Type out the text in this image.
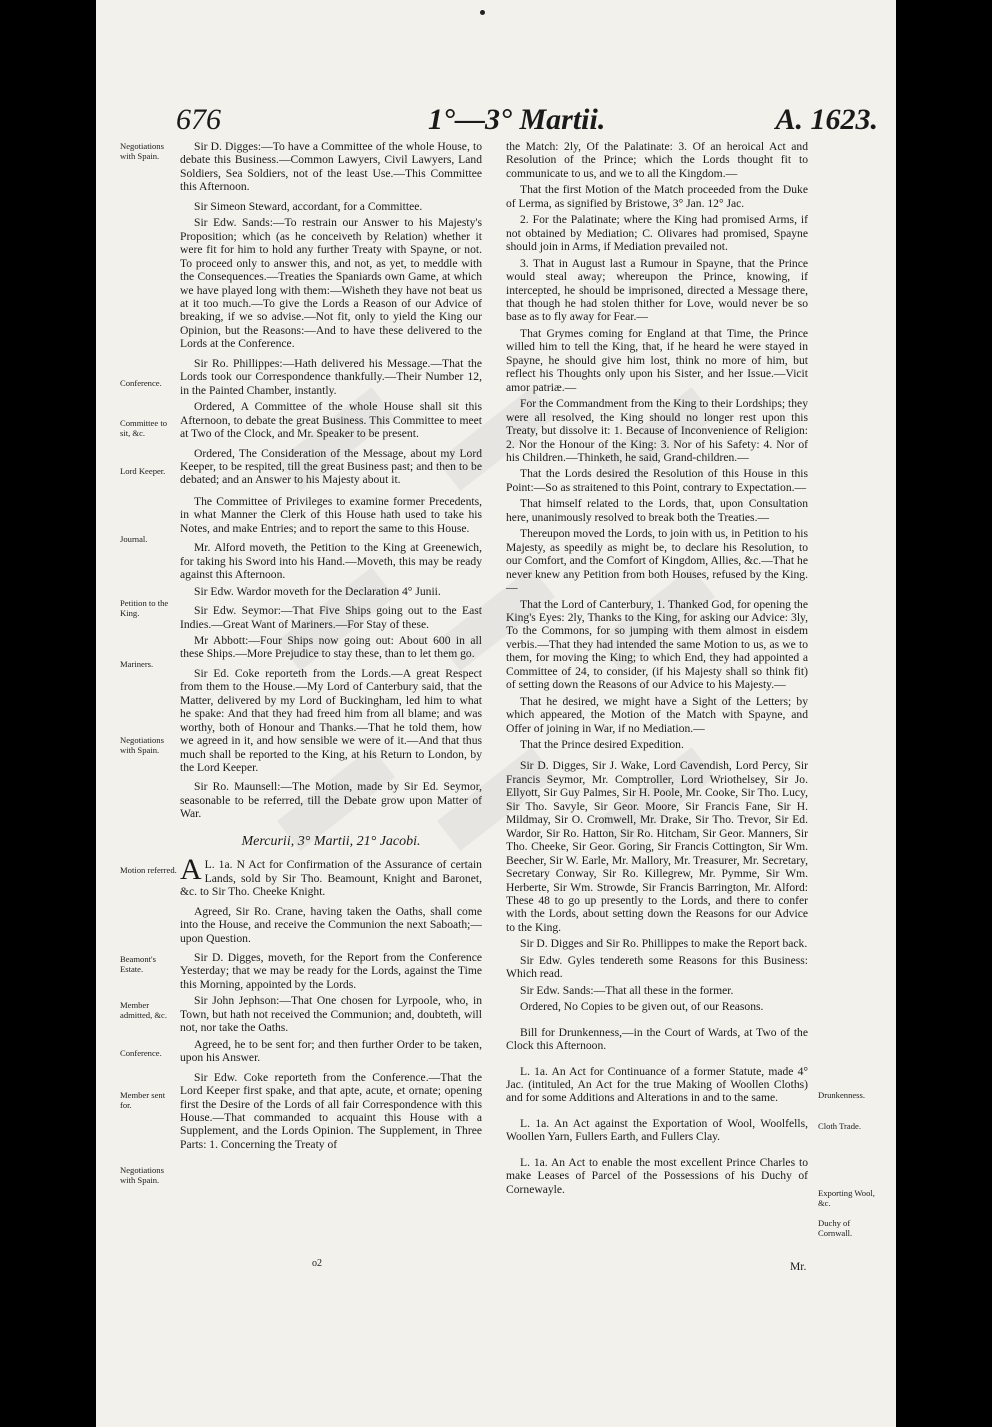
676	1°—3° Martii.	A. 1623.
Negotiations with Spain.
Conference.
Committee to sit, &c.
Lord Keeper.
Journal.
Petition to the King.
Mariners.
Negotiations with Spain.
Motion referred.
Beamont's Estate.
Member admitted, &c.
Conference.
Member sent for.
Negotiations with Spain.
Drunkenness.
Cloth Trade.
Exporting Wool, &c.
Duchy of Cornwall.

Sir D. Digges:—To have a Committee of the whole House, to debate this Business.—Common Lawyers, Civil Lawyers, Land Soldiers, Sea Soldiers, not of the least Use.—This Committee this Afternoon.

Sir Simeon Steward, accordant, for a Committee.

Sir Edw. Sands:—To restrain our Answer to his Majesty's Proposition; which (as he conceiveth by Relation) whether it were fit for him to hold any further Treaty with Spayne, or not. To proceed only to answer this, and not, as yet, to meddle with the Consequences.—Treaties the Spaniards own Game, at which we have played long with them:—Wisheth they have not beat us at it too much.—To give the Lords a Reason of our Advice of breaking, if we so advise.—Not fit, only to yield the King our Opinion, but the Reasons:—And to have these delivered to the Lords at the Conference.

Sir Ro. Phillippes:—Hath delivered his Message.—That the Lords took our Correspondence thankfully.—Their Number 12, in the Painted Chamber, instantly.

Ordered, A Committee of the whole House shall sit this Afternoon, to debate the great Business. This Committee to meet at Two of the Clock, and Mr. Speaker to be present.

Ordered, The Consideration of the Message, about my Lord Keeper, to be respited, till the great Business past; and then to be debated; and an Answer to his Majesty about it.

The Committee of Privileges to examine former Precedents, in what Manner the Clerk of this House hath used to take his Notes, and make Entries; and to report the same to this House.

Mr. Alford moveth, the Petition to the King at Greenewich, for taking his Sword into his Hand.—Moveth, this may be ready against this Afternoon.

Sir Edw. Wardor moveth for the Declaration 4° Junii.

Sir Edw. Seymor:—That Five Ships going out to the East Indies.—Great Want of Mariners.—For Stay of these.

Mr Abbott:—Four Ships now going out: About 600 in all these Ships.—More Prejudice to stay these, than to let them go.

Sir Ed. Coke reporteth from the Lords.—A great Respect from them to the House.—My Lord of Canterbury said, that the Matter, delivered by my Lord of Buckingham, led him to what he spake: And that they had freed him from all blame; and was worthy, both of Honour and Thanks.—That he told them, how we agreed in it, and how sensible we were of it.—And that thus much shall be reported to the King, at his Return to London, by the Lord Keeper.

Sir Ro. Maunsell:—The Motion, made by Sir Ed. Seymor, seasonable to be referred, till the Debate grow upon Matter of War.

Mercurii, 3° Martii, 21° Jacobi.

L. 1a.
A	N Act for Confirmation of the Assurance of certain Lands, sold by Sir Tho. Beamount, Knight and Baronet, &c. to Sir Tho. Cheeke Knight.

Agreed, Sir Ro. Crane, having taken the Oaths, shall come into the House, and receive the Communion the next Saboath;—upon Question.

Sir D. Digges, moveth, for the Report from the Conference Yesterday; that we may be ready for the Lords, against the Time this Morning, appointed by the Lords.

Sir John Jephson:—That One chosen for Lyrpoole, who, in Town, but hath not received the Communion; and, doubteth, will not, nor take the Oaths.

Agreed, he to be sent for; and then further Order to be taken, upon his Answer.

Sir Edw. Coke reporteth from the Conference.—That the Lord Keeper first spake, and that apte, acute, et ornate; opening first the Desire of the Lords of all fair Correspondence with this House.—That commanded to acquaint this House with a Supplement, and the Lords Opinion. The Supplement, in Three Parts: 1. Concerning the Treaty of

the Match: 2ly, Of the Palatinate: 3. Of an heroical Act and Resolution of the Prince; which the Lords thought fit to communicate to us, and we to all the Kingdom.—

That the first Motion of the Match proceeded from the Duke of Lerma, as signified by Bristowe, 3° Jan. 12° Jac.

2. For the Palatinate; where the King had promised Arms, if not obtained by Mediation; C. Olivares had promised, Spayne should join in Arms, if Mediation prevailed not.

3. That in August last a Rumour in Spayne, that the Prince would steal away; whereupon the Prince, knowing, if intercepted, he should be imprisoned, directed a Message there, that though he had stolen thither for Love, would never be so base as to fly away for Fear.—

That Grymes coming for England at that Time, the Prince willed him to tell the King, that, if he heard he were stayed in Spayne, he should give him lost, think no more of him, but reflect his Thoughts only upon his Sister, and her Issue.—Vicit amor patriæ.—

For the Commandment from the King to their Lordships; they were all resolved, the King should no longer rest upon this Treaty, but dissolve it: 1. Because of Inconvenience of Religion: 2. Nor the Honour of the King: 3. Nor of his Safety: 4. Nor of his Children.—Thinketh, he said, Grand-children.—

That the Lords desired the Resolution of this House in this Point:—So as straitened to this Point, contrary to Expectation.—

That himself related to the Lords, that, upon Consultation here, unanimously resolved to break both the Treaties.—

Thereupon moved the Lords, to join with us, in Petition to his Majesty, as speedily as might be, to declare his Resolution, to our Comfort, and the Comfort of Kingdom, Allies, &c.—That he never knew any Petition from both Houses, refused by the King.—

That the Lord of Canterbury, 1. Thanked God, for opening the King's Eyes: 2ly, Thanks to the King, for asking our Advice: 3ly, To the Commons, for so jumping with them almost in eisdem verbis.—That they had intended the same Motion to us, as we to them, for moving the King; to which End, they had appointed a Committee of 24, to consider, (if his Majesty shall so think fit) of setting down the Reasons of our Advice to his Majesty.—

That he desired, we might have a Sight of the Letters; by which appeared, the Motion of the Match with Spayne, and Offer of joining in War, if no Mediation.—

That the Prince desired Expedition.

Sir D. Digges, Sir J. Wake, Lord Cavendish, Lord Percy, Sir Francis Seymor, Mr. Comptroller, Lord Wriothelsey, Sir Jo. Ellyott, Sir Guy Palmes, Sir H. Poole, Mr. Cooke, Sir Tho. Lucy, Sir Tho. Savyle, Sir Geor. Moore, Sir Francis Fane, Sir H. Mildmay, Sir O. Cromwell, Mr. Drake, Sir Tho. Trevor, Sir Ed. Wardor, Sir Ro. Hatton, Sir Ro. Hitcham, Sir Geor. Manners, Sir Tho. Cheeke, Sir Geor. Goring, Sir Francis Cottington, Sir Wm. Beecher, Sir W. Earle, Mr. Mallory, Mr. Treasurer, Mr. Secretary, Secretary Conway, Sir Ro. Killegrew, Mr. Pymme, Sir Wm. Herberte, Sir Wm. Strowde, Sir Francis Barrington, Mr. Alford: These 48 to go up presently to the Lords, and there to confer with the Lords, about setting down the Reasons for our Advice to the King.

Sir D. Digges and Sir Ro. Phillippes to make the Report back.

Sir Edw. Gyles tendereth some Reasons for this Business: Which read.

Sir Edw. Sands:—That all these in the former.

Ordered, No Copies to be given out, of our Reasons.

Bill for Drunkenness,—in the Court of Wards, at Two of the Clock this Afternoon.

L. 1a. An Act for Continuance of a former Statute, made 4° Jac. (intituled, An Act for the true Making of Woollen Cloths) and for some Additions and Alterations in and to the same.

L. 1a. An Act against the Exportation of Wool, Woolfells, Woollen Yarn, Fullers Earth, and Fullers Clay.

L. 1a. An Act to enable the most excellent Prince Charles to make Leases of Parcel of the Possessions of his Duchy of Cornewayle.

o2	Mr.
